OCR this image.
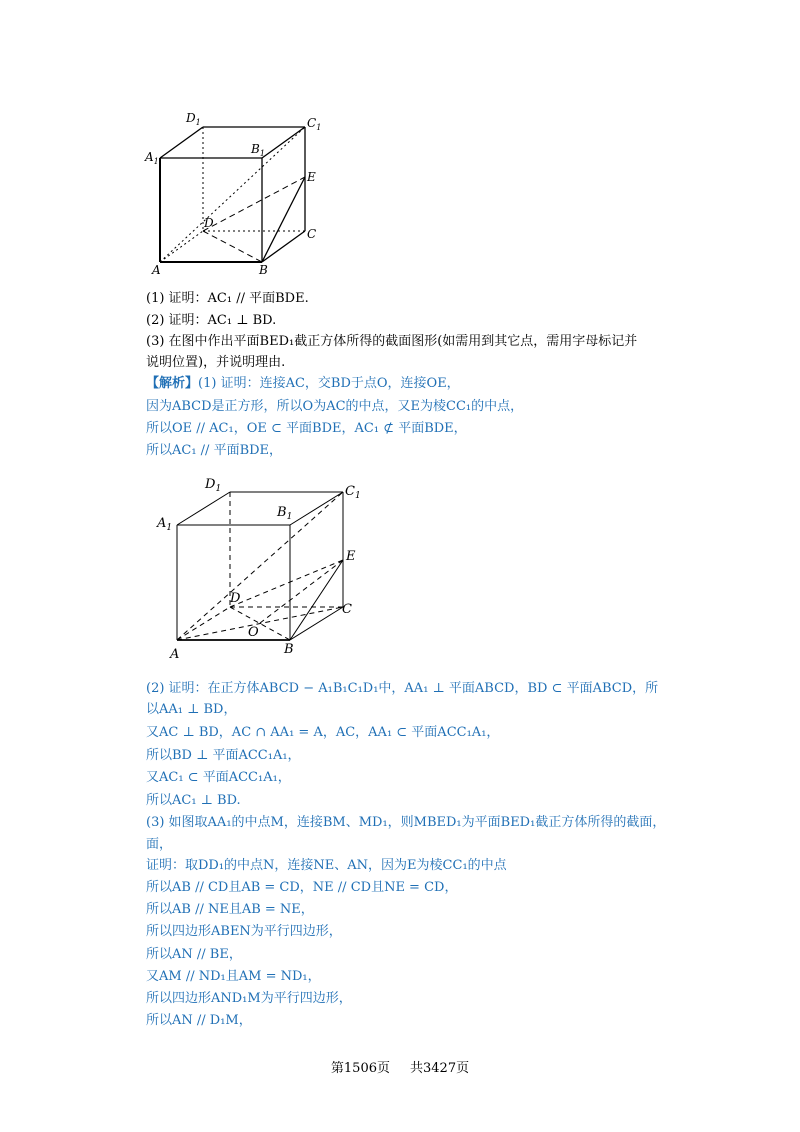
$D_1$	$C_1$
$A_1$
$B_1$
E
D
C
A	B
(1) 证明：AC₁ // 平面BDE.
(2) 证明：AC₁ ⊥ BD.
(3) 在图中作出平面BED₁截正方体所得的截面图形(如需用到其它点，需用字母标记并
说明位置)，并说明理由.
【解析】(1) 证明：连接AC，交BD于点O，连接OE，
因为ABCD是正方形，所以O为AC的中点，又E为棱CC₁的中点，
所以OE // AC₁，OE ⊂ 平面BDE，AC₁ ⊄ 平面BDE，
所以AC₁ // 平面BDE，
$D_1$	$C_1$
$A_1$
$B_1$
E
D
C
O
A	B
(2) 证明：在正方体ABCD − A₁B₁C₁D₁中，AA₁ ⊥ 平面ABCD，BD ⊂ 平面ABCD，所
以AA₁ ⊥ BD，
又AC ⊥ BD，AC ∩ AA₁ = A，AC，AA₁ ⊂ 平面ACC₁A₁，
所以BD ⊥ 平面ACC₁A₁，
又AC₁ ⊂ 平面ACC₁A₁，
所以AC₁ ⊥ BD.
(3) 如图取AA₁的中点M，连接BM、MD₁，则MBED₁为平面BED₁截正方体所得的截面，
面，
证明：取DD₁的中点N，连接NE、AN，因为E为棱CC₁的中点
所以AB // CD且AB = CD，NE // CD且NE = CD，
所以AB // NE且AB = NE，
所以四边形ABEN为平行四边形，
所以AN // BE，
又AM // ND₁且AM = ND₁，
所以四边形AND₁M为平行四边形，
所以AN // D₁M，
第1506页 共3427页
